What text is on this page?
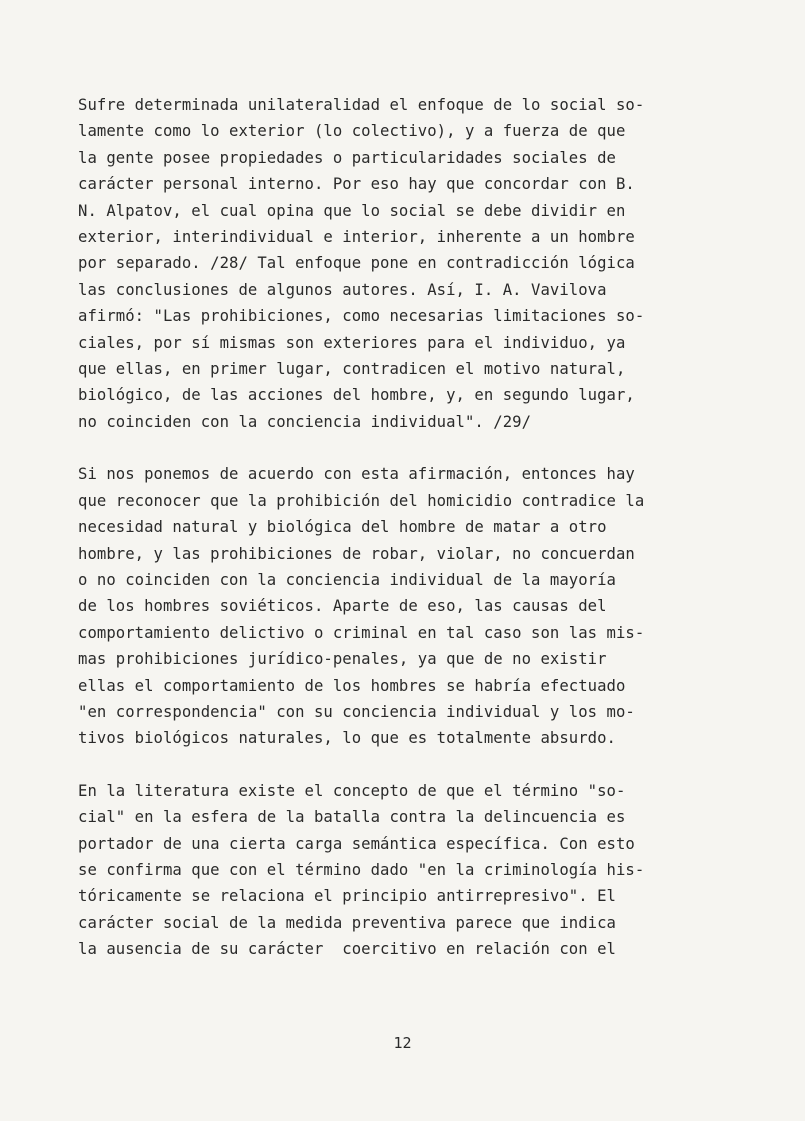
Sufre determinada unilateralidad el enfoque de lo social so-
lamente como lo exterior (lo colectivo), y a fuerza de que
la gente posee propiedades o particularidades sociales de
carácter personal interno. Por eso hay que concordar con B.
N. Alpatov, el cual opina que lo social se debe dividir en
exterior, interindividual e interior, inherente a un hombre
por separado. /28/ Tal enfoque pone en contradicción lógica
las conclusiones de algunos autores. Así, I. A. Vavilova
afirmó: "Las prohibiciones, como necesarias limitaciones so-
ciales, por sí mismas son exteriores para el individuo, ya
que ellas, en primer lugar, contradicen el motivo natural,
biológico, de las acciones del hombre, y, en segundo lugar,
no coinciden con la conciencia individual". /29/
Si nos ponemos de acuerdo con esta afirmación, entonces hay
que reconocer que la prohibición del homicidio contradice la
necesidad natural y biológica del hombre de matar a otro
hombre, y las prohibiciones de robar, violar, no concuerdan
o no coinciden con la conciencia individual de la mayoría
de los hombres soviéticos. Aparte de eso, las causas del
comportamiento delictivo o criminal en tal caso son las mis-
mas prohibiciones jurídico-penales, ya que de no existir
ellas el comportamiento de los hombres se habría efectuado
"en correspondencia" con su conciencia individual y los mo-
tivos biológicos naturales, lo que es totalmente absurdo.
En la literatura existe el concepto de que el término "so-
cial" en la esfera de la batalla contra la delincuencia es
portador de una cierta carga semántica específica. Con esto
se confirma que con el término dado "en la criminología his-
tóricamente se relaciona el principio antirrepresivo". El
carácter social de la medida preventiva parece que indica
la ausencia de su carácter  coercitivo en relación con el
12
